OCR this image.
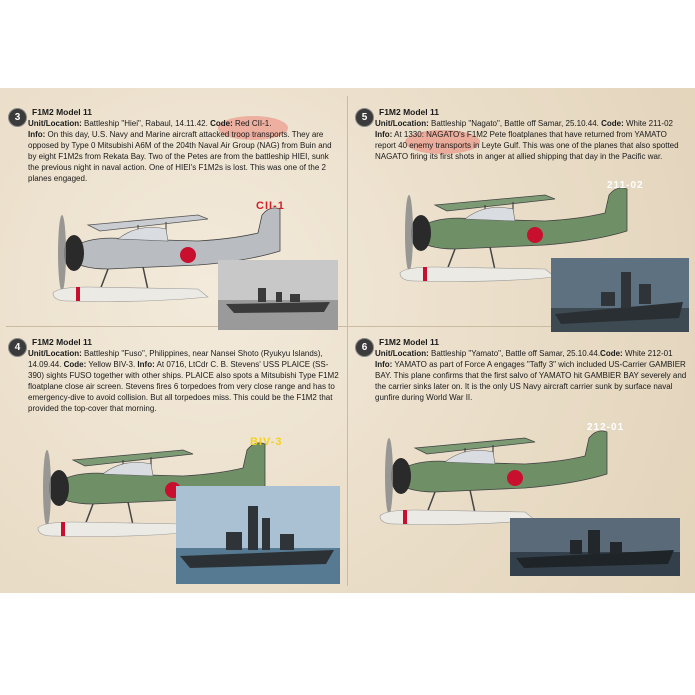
3	F1M2 Model 11
Unit/Location: Battleship "Hiei", Rabaul, 14.11.42. Code: Red CII-1.
Info: On this day, U.S. Navy and Marine aircraft attacked troop transports. They are opposed by Type 0 Mitsubishi A6M of the 204th Naval Air Group (NAG) from Buin and by eight F1M2s from Rekata Bay. Two of the Petes are from the battleship HIEI, sunk the previous night in naval action. One of HIEI's F1M2s is lost. This was one of the 2 planes engaged.
CII-1
5	F1M2 Model 11
Unit/Location: Battleship "Nagato", Battle off Samar, 25.10.44. Code: White 211-02
Info: At 1330: NAGATO's F1M2 Pete floatplanes that have returned from YAMATO report 40 enemy transports in Leyte Gulf. This was one of the planes that also spotted NAGATO firing its first shots in anger at allied shipping that day in the Pacific war.
211-02
4	F1M2 Model 11
Unit/Location: Battleship "Fuso", Philippines, near Nansei Shoto (Ryukyu Islands), 14.09.44. Code: Yellow BIV-3. Info: At 0716, LtCdr C. B. Stevens' USS PLAICE (SS-390) sights FUSO together with other ships. PLAICE also spots a Mitsubishi Type F1M2 floatplane close air screen. Stevens fires 6 torpedoes from very close range and has to emergency-dive to avoid collision. But all torpedoes miss. This could be the F1M2 that provided the top-cover that morning.
BIV-3
6	F1M2 Model 11
Unit/Location: Battleship "Yamato", Battle off Samar, 25.10.44.Code: White 212-01
Info: YAMATO as part of Force A engages "Taffy 3" wich included US-Carrier GAMBIER BAY. This plane confirms that the first salvo of YAMATO hit GAMBIER BAY severely and the carrier sinks later on. It is the only US Navy aircraft carrier sunk by surface naval gunfire during World War II.
212-01
